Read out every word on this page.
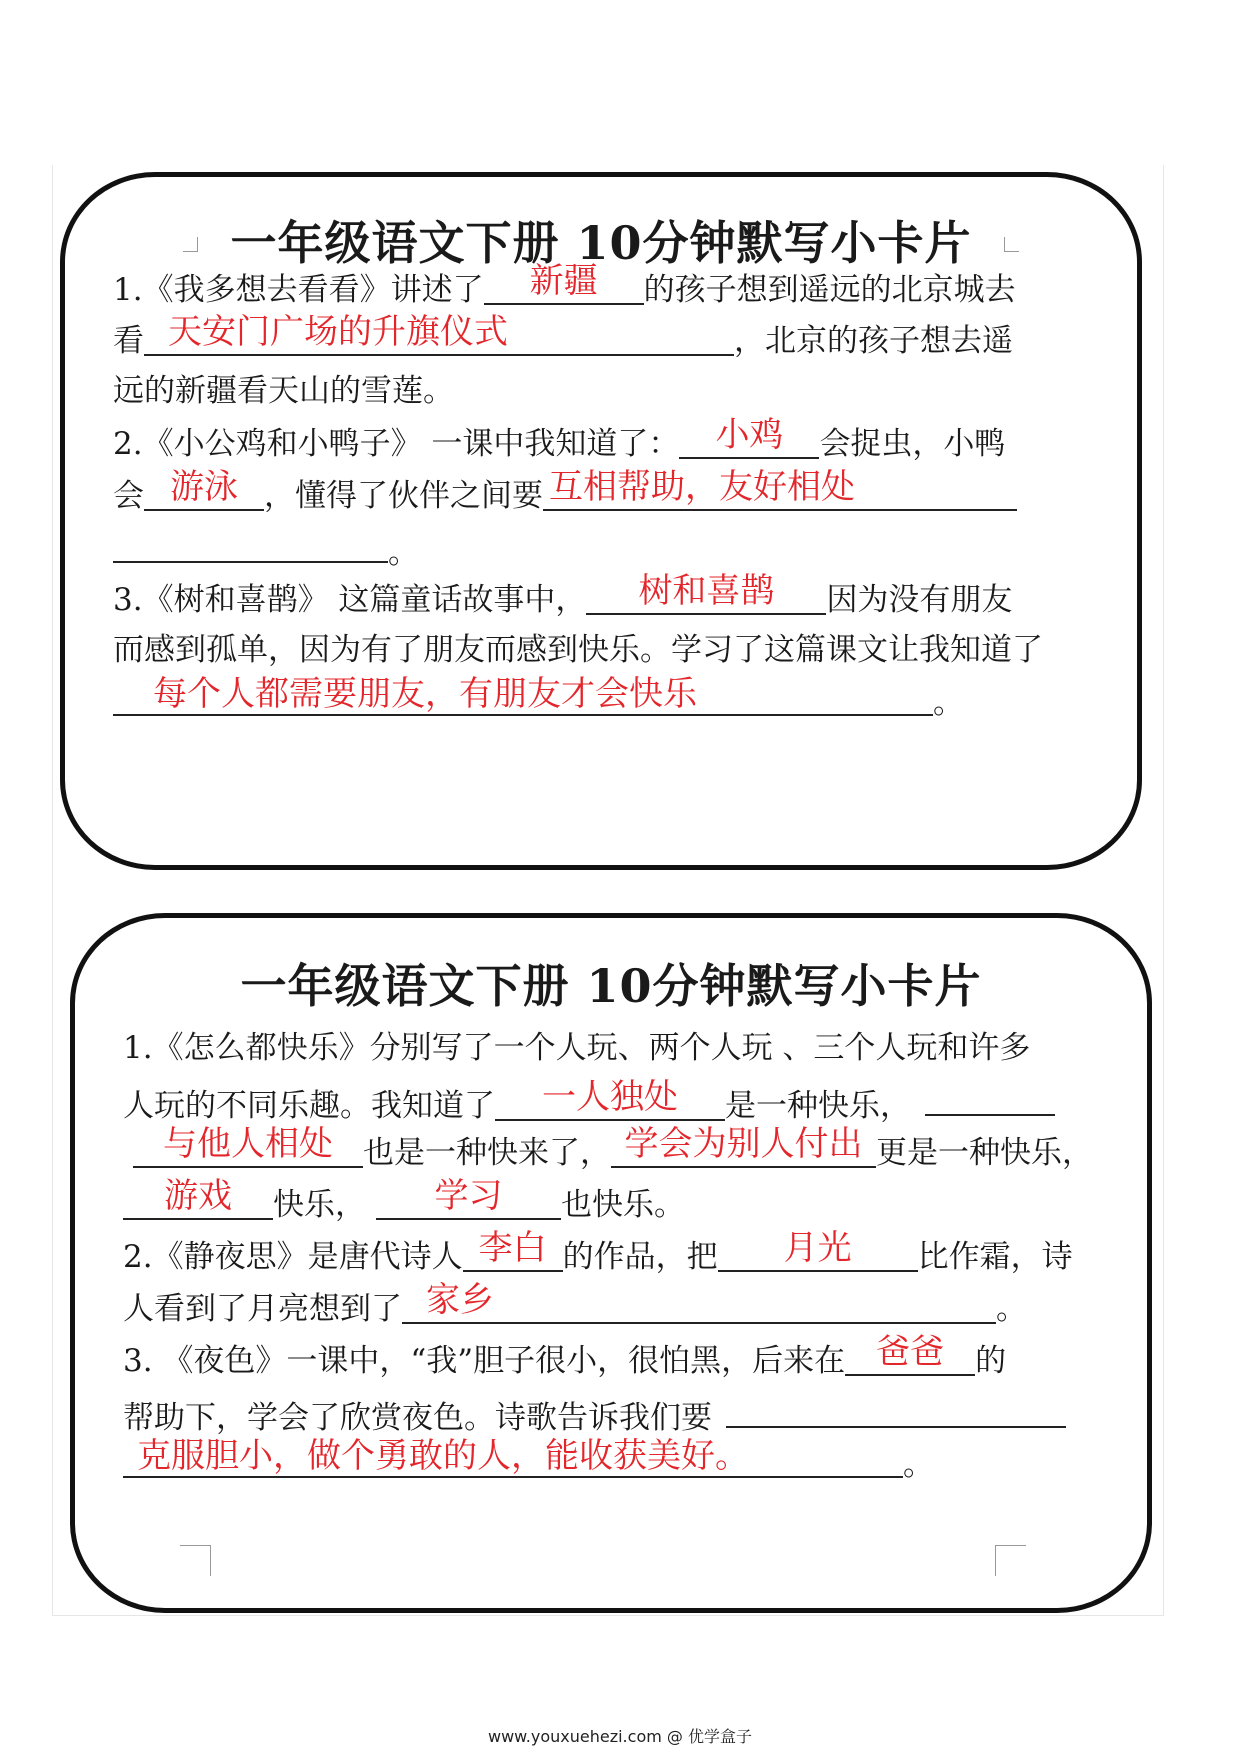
一年级语文下册 10分钟默写小卡片
1.《我多想去看看》讲述了 新疆 的孩子想到遥远的北京城去
看 天安门广场的升旗仪式	，北京的孩子想去遥
远的新疆看天山的雪莲。
2.《小公鸡和小鸭子》 一课中我知道了： 小鸡 会捉虫，小鸭
会 游泳 ，懂得了伙伴之间要 互相帮助，友好相处
。
3.《树和喜鹊》 这篇童话故事中， 树和喜鹊 因为没有朋友
而感到孤单，因为有了朋友而感到快乐。学习了这篇课文让我知道了
每个人都需要朋友，有朋友才会快乐	。
一年级语文下册 10分钟默写小卡片
1.《怎么都快乐》分别写了一个人玩、两个人玩 、三个人玩和许多
人玩的不同乐趣。我知道了 一人独处 是一种快乐，
与他人相处 也是一种快来了， 学会为别人付出 更是一种快乐，
游戏 快乐， 学习 也快乐。
2.《静夜思》是唐代诗人 李白 的作品，把 月光 比作霜，诗
人看到了月亮想到了 家乡	。
3. 《夜色》一课中，“我”胆子很小，很怕黑，后来在 爸爸 的
帮助下，学会了欣赏夜色。诗歌告诉我们要
克服胆小，做个勇敢的人，能收获美好。	。
www.youxuehezi.com @ 优学盒子
